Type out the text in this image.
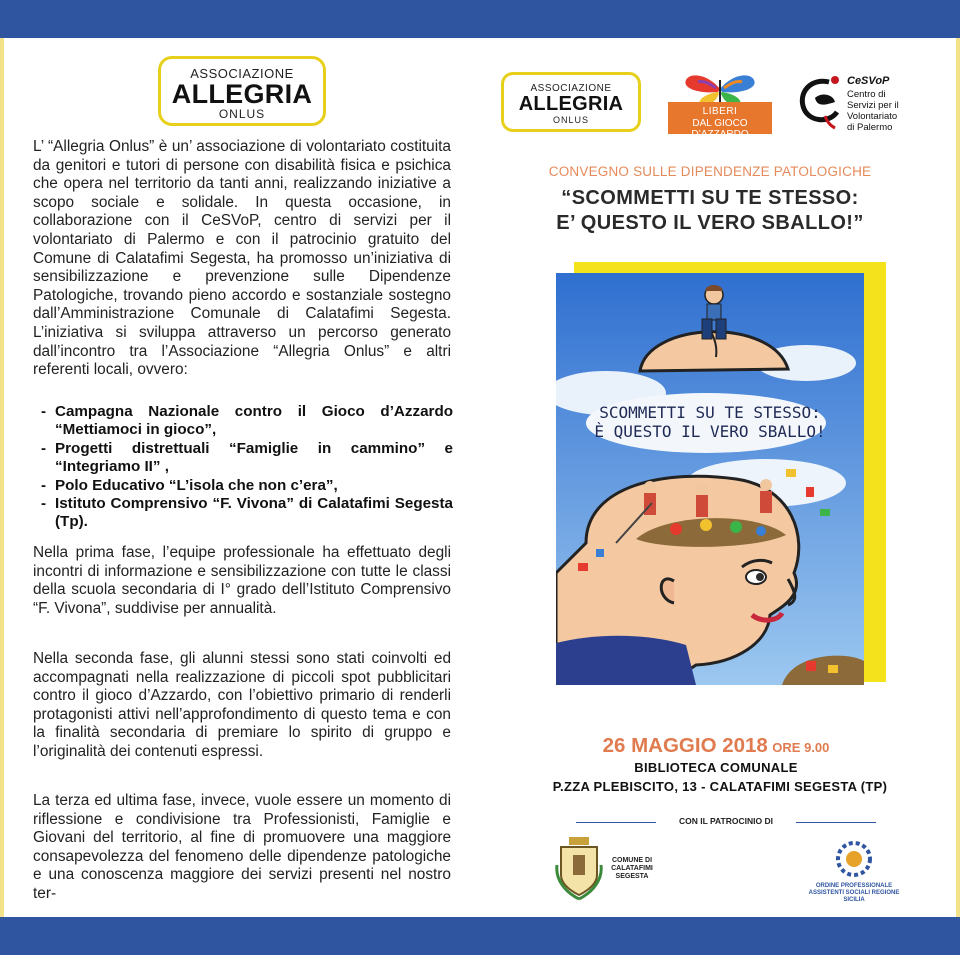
ASSOCIAZIONE
ALLEGRIA
ONLUS

L’ “Allegria Onlus” è un’ associazione di volontariato costituita da genitori e tutori di persone con disabilità fisica e psichica che opera nel territorio da tanti anni, realizzando iniziative a scopo sociale e solidale. In questa occasione, in collaborazione con il CeSVoP, centro di servizi per il volontariato di Palermo e con il patrocinio gratuito del Comune di Calatafimi Segesta, ha promosso un’iniziativa di sensibilizzazione e prevenzione sulle Dipendenze Patologiche, trovando pieno accordo e sostanziale sostegno dall’Amministrazione Comunale di Calatafimi Segesta. L’iniziativa si sviluppa attraverso un percorso generato dall’incontro tra l’Associazione “Allegria Onlus” e altri referenti locali, ovvero:

- Campagna Nazionale contro il Gioco d’Azzardo “Mettiamoci in gioco”,
- Progetti distrettuali “Famiglie in cammino” e “Integriamo II” ,
- Polo Educativo “L’isola che non c’era”,
- Istituto Comprensivo “F. Vivona” di Calatafimi Segesta (Tp).

Nella prima fase, l’equipe professionale ha effettuato degli incontri di informazione e sensibilizzazione con tutte le classi della scuola secondaria di I° grado dell’Istituto Comprensivo “F. Vivona”, suddivise per annualità.

Nella seconda fase, gli alunni stessi sono stati coinvolti ed accompagnati nella realizzazione di piccoli spot pubblicitari contro il gioco d’Azzardo, con l’obiettivo primario di renderli protagonisti attivi nell’approfondimento di questo tema e con la finalità secondaria di premiare lo spirito di gruppo e l’originalità dei contenuti espressi.

La terza ed ultima fase, invece, vuole essere un momento di riflessione e condivisione tra Professionisti, Famiglie e Giovani del territorio, al fine di promuovere una maggiore consapevolezza del fenomeno delle dipendenze patologiche e una conoscenza maggiore dei servizi presenti nel nostro ter-

ASSOCIAZIONE
ALLEGRIA
ONLUS
LIBERI
DAL GIOCO D’AZZARDO
CeSVoP
Centro di
Servizi per il
Volontariato
di Palermo
CONVEGNO SULLE DIPENDENZE PATOLOGICHE
“SCOMMETTI SU TE STESSO:
E’ QUESTO IL VERO SBALLO!”
SCOMMETTI SU TE STESSO:
È QUESTO IL VERO SBALLO!
26 MAGGIO 2018 ORE 9.00
BIBLIOTECA COMUNALE
P.ZZA PLEBISCITO, 13 - CALATAFIMI SEGESTA (TP)
CON IL PATROCINIO DI
COMUNE DI CALATAFIMI SEGESTA
ORDINE PROFESSIONALE ASSISTENTI SOCIALI REGIONE SICILIA
